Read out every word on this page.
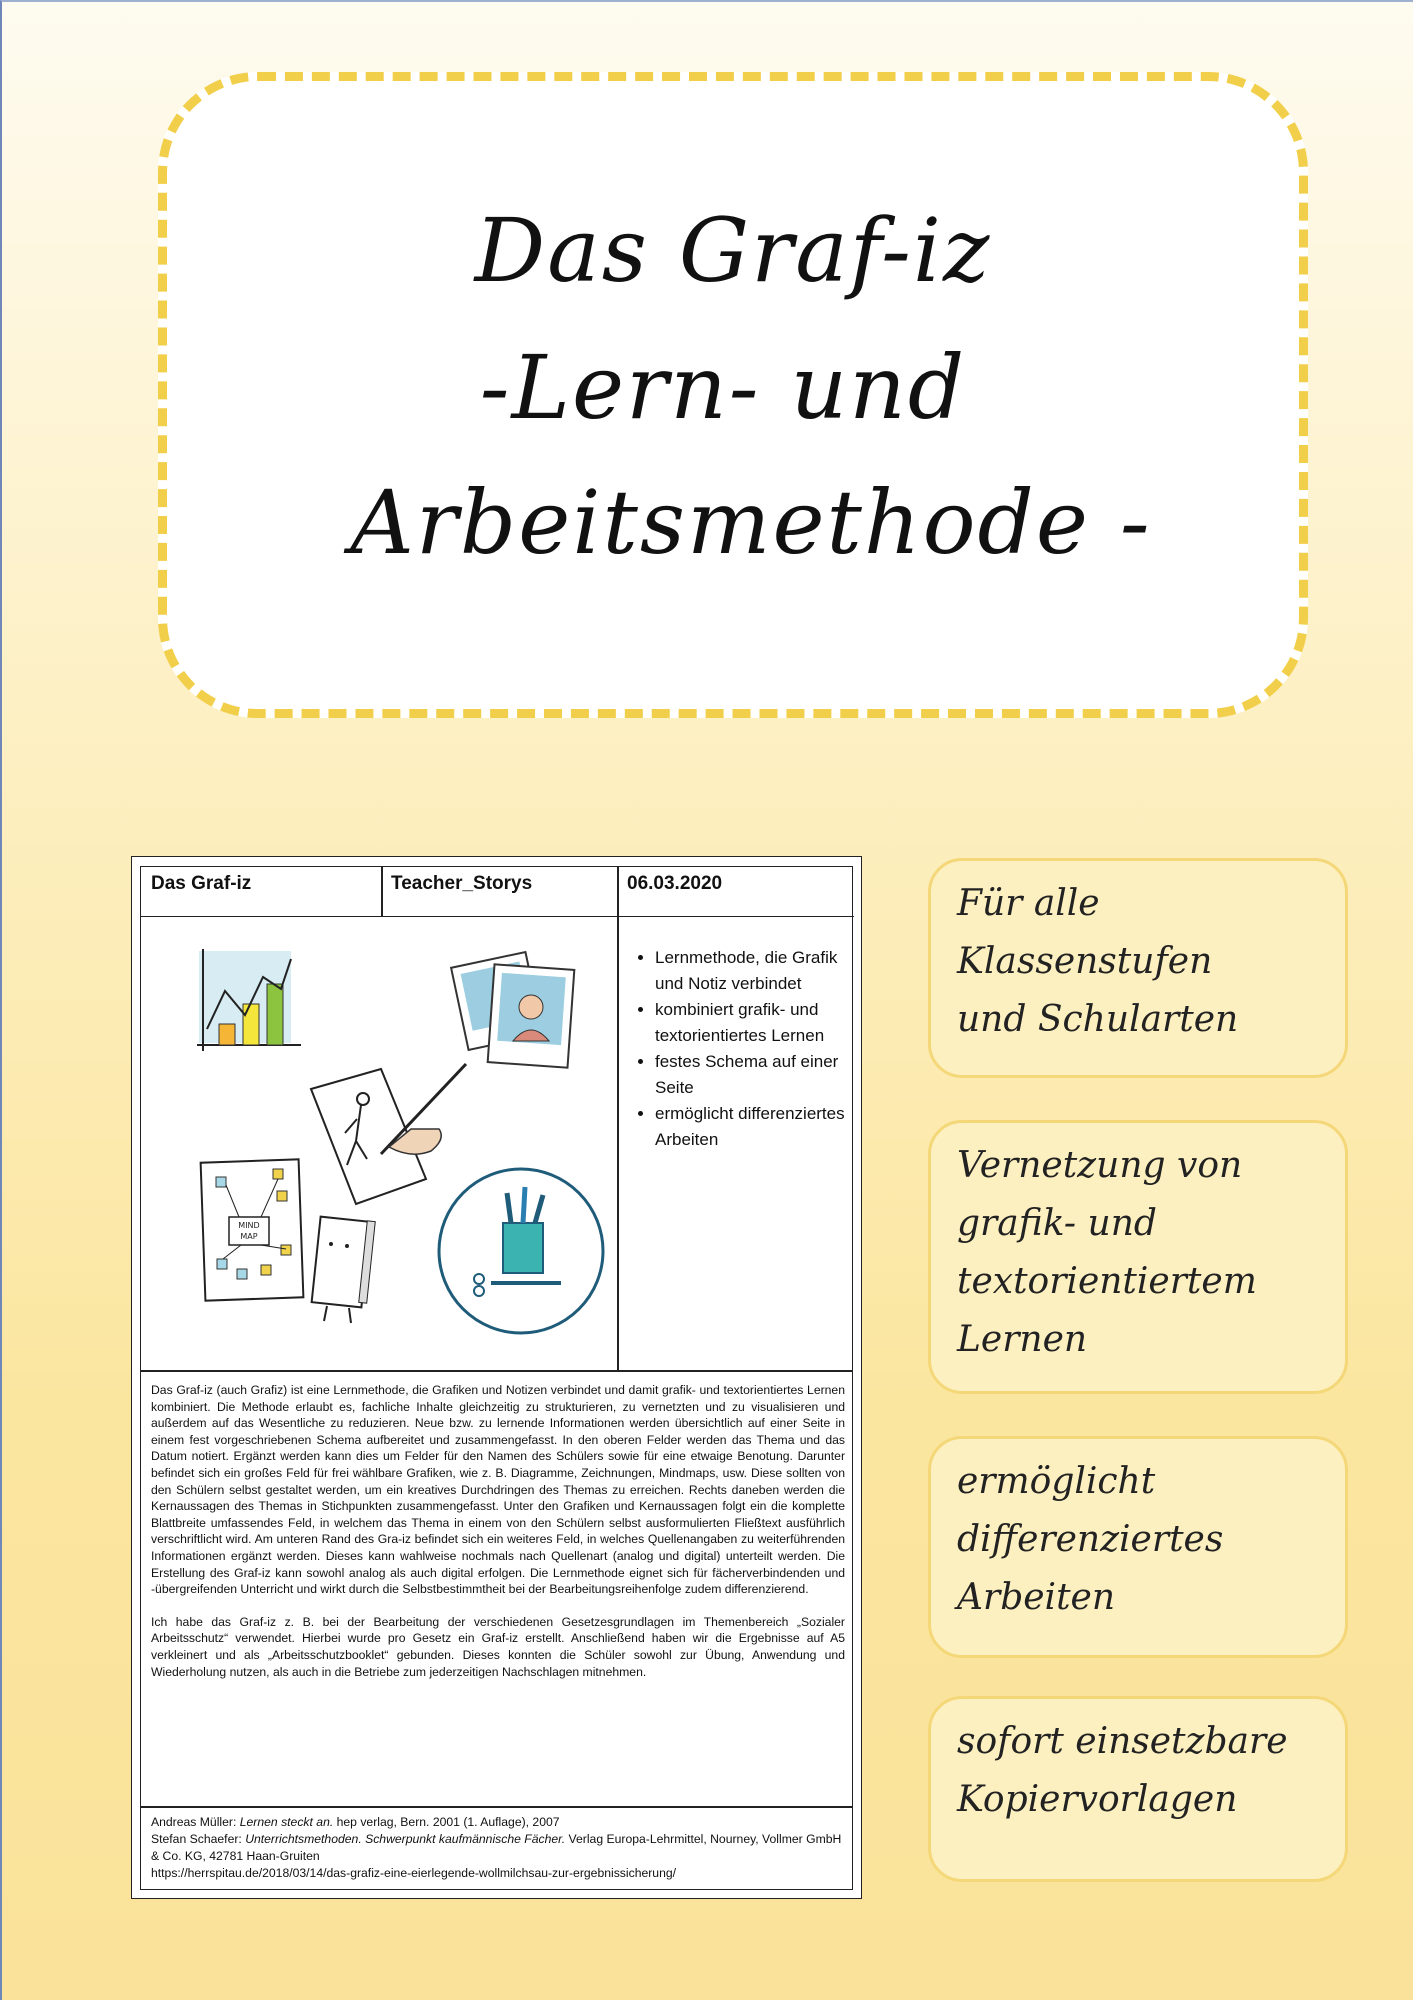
Das Graf-iz
-Lern- und
Arbeitsmethode -
Das Graf-iz	Teacher_Storys	06.03.2020
MIND
MAP
• Lernmethode, die Grafik und Notiz verbindet
• kombiniert grafik- und textorientiertes Lernen
• festes Schema auf einer Seite
• ermöglicht differenziertes Arbeiten

Das Graf-iz (auch Grafiz) ist eine Lernmethode, die Grafiken und Notizen verbindet und damit grafik- und textorientiertes Lernen kombiniert. Die Methode erlaubt es, fachliche Inhalte gleichzeitig zu strukturieren, zu vernetzten und zu visualisieren und außerdem auf das Wesentliche zu reduzieren. Neue bzw. zu lernende Informationen werden übersichtlich auf einer Seite in einem fest vorgeschriebenen Schema aufbereitet und zusammengefasst. In den oberen Felder werden das Thema und das Datum notiert. Ergänzt werden kann dies um Felder für den Namen des Schülers sowie für eine etwaige Benotung. Darunter befindet sich ein großes Feld für frei wählbare Grafiken, wie z. B. Diagramme, Zeichnungen, Mindmaps, usw. Diese sollten von den Schülern selbst gestaltet werden, um ein kreatives Durchdringen des Themas zu erreichen. Rechts daneben werden die Kernaussagen des Themas in Stichpunkten zusammengefasst. Unter den Grafiken und Kernaussagen folgt ein die komplette Blattbreite umfassendes Feld, in welchem das Thema in einem von den Schülern selbst ausformulierten Fließtext ausführlich verschriftlicht wird. Am unteren Rand des Gra-iz befindet sich ein weiteres Feld, in welches Quellenangaben zu weiterführenden Informationen ergänzt werden. Dieses kann wahlweise nochmals nach Quellenart (analog und digital) unterteilt werden. Die Erstellung des Graf-iz kann sowohl analog als auch digital erfolgen. Die Lernmethode eignet sich für fächerverbindenden und -übergreifenden Unterricht und wirkt durch die Selbstbestimmtheit bei der Bearbeitungsreihenfolge zudem differenzierend.

Ich habe das Graf-iz z. B. bei der Bearbeitung der verschiedenen Gesetzesgrundlagen im Themenbereich „Sozialer Arbeitsschutz“ verwendet. Hierbei wurde pro Gesetz ein Graf-iz erstellt. Anschließend haben wir die Ergebnisse auf A5 verkleinert und als „Arbeitsschutzbooklet“ gebunden. Dieses konnten die Schüler sowohl zur Übung, Anwendung und Wiederholung nutzen, als auch in die Betriebe zum jederzeitigen Nachschlagen mitnehmen.

Andreas Müller: Lernen steckt an. hep verlag, Bern. 2001 (1. Auflage), 2007
Stefan Schaefer: Unterrichtsmethoden. Schwerpunkt kaufmännische Fächer. Verlag Europa-Lehrmittel, Nourney, Vollmer GmbH & Co. KG, 42781 Haan-Gruiten
https://herrspitau.de/2018/03/14/das-grafiz-eine-eierlegende-wollmilchsau-zur-ergebnissicherung/
Für alle
Klassenstufen
und Schularten
Vernetzung von
grafik- und
textorientiertem
Lernen
ermöglicht
differenziertes
Arbeiten
sofort einsetzbare
Kopiervorlagen
